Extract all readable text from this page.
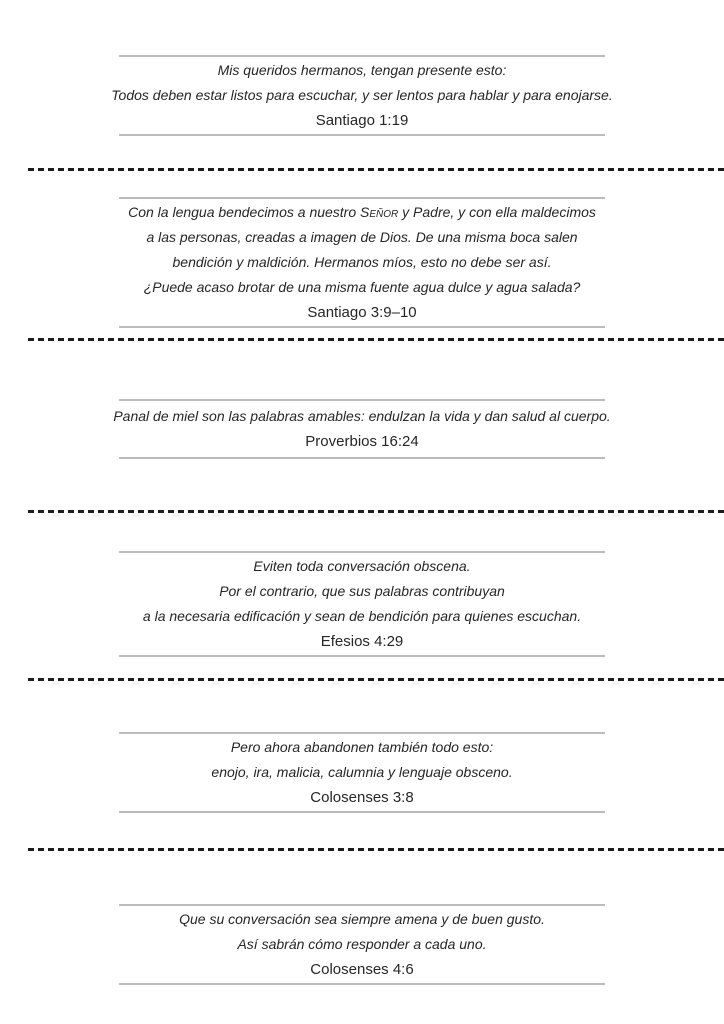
Mis queridos hermanos, tengan presente esto:
Todos deben estar listos para escuchar, y ser lentos para hablar y para enojarse.
Santiago 1:19
Con la lengua bendecimos a nuestro Señor y Padre, y con ella maldecimos
a las personas, creadas a imagen de Dios. De una misma boca salen
bendición y maldición. Hermanos míos, esto no debe ser así.
¿Puede acaso brotar de una misma fuente agua dulce y agua salada?
Santiago 3:9–10
Panal de miel son las palabras amables: endulzan la vida y dan salud al cuerpo.
Proverbios 16:24
Eviten toda conversación obscena.
Por el contrario, que sus palabras contribuyan
a la necesaria edificación y sean de bendición para quienes escuchan.
Efesios 4:29
Pero ahora abandonen también todo esto:
enojo, ira, malicia, calumnia y lenguaje obsceno.
Colosenses 3:8
Que su conversación sea siempre amena y de buen gusto.
Así sabrán cómo responder a cada uno.
Colosenses 4:6
